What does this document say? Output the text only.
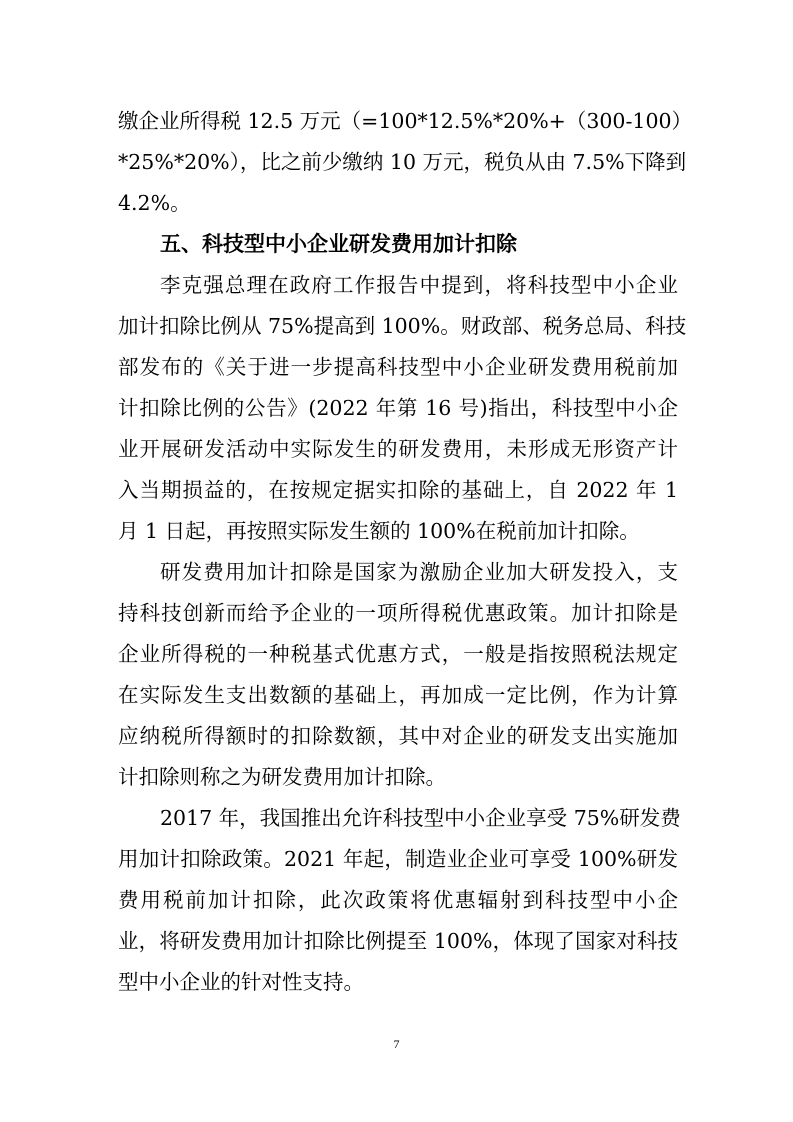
缴企业所得税 12.5 万元（=100*12.5%*20%+（300-100）
*25%*20%），比之前少缴纳 10 万元，税负从由 7.5%下降到
4.2%。
五、科技型中小企业研发费用加计扣除
李克强总理在政府工作报告中提到，将科技型中小企业
加计扣除比例从 75%提高到 100%。财政部、税务总局、科技
部发布的《关于进一步提高科技型中小企业研发费用税前加
计扣除比例的公告》(2022 年第 16 号)指出，科技型中小企
业开展研发活动中实际发生的研发费用，未形成无形资产计
入当期损益的，在按规定据实扣除的基础上，自 2022 年 1
月 1 日起，再按照实际发生额的 100%在税前加计扣除。
研发费用加计扣除是国家为激励企业加大研发投入，支
持科技创新而给予企业的一项所得税优惠政策。加计扣除是
企业所得税的一种税基式优惠方式，一般是指按照税法规定
在实际发生支出数额的基础上，再加成一定比例，作为计算
应纳税所得额时的扣除数额，其中对企业的研发支出实施加
计扣除则称之为研发费用加计扣除。
2017 年，我国推出允许科技型中小企业享受 75%研发费
用加计扣除政策。2021 年起，制造业企业可享受 100%研发
费用税前加计扣除，此次政策将优惠辐射到科技型中小企
业，将研发费用加计扣除比例提至 100%，体现了国家对科技
型中小企业的针对性支持。
7
